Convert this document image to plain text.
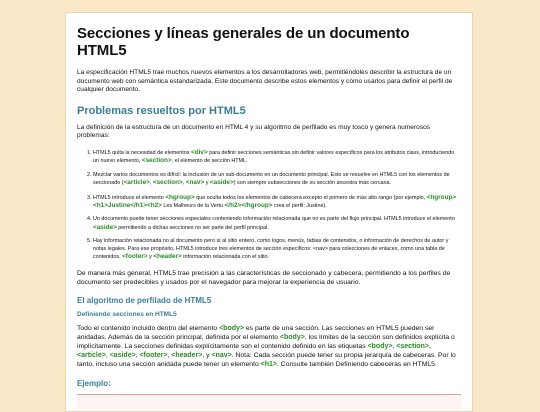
Secciones y líneas generales de un documento HTML5

La especificación HTML5 trae muchos nuevos elementos a los desarrolladores web, permitiéndoles describir la estructura de un documento web con semántica estandarizada. Este documento describe estos elementos y cómo usarlos para definir el perfil de cualquier documento.

Problemas resueltos por HTML5

La definición de la estructura de un documento en HTML 4 y su algoritmo de perfilado es muy tosco y genera numerosos problemas:

1. HTML5 quita la necesidad de elementos <div> para definir secciones semánticas sin definir valores específicos para los atributos class, introduciendo un nuevo elemento, <section>, el elemento de sección HTML.
2. Mezclar varios documentos es difícil: la inclusión de un sub-documento en un documento principal. Esto se resuelve en HTML5 con los elementos de seccionado (<article>, <section>, <nav> y <aside>) son siempre subsecciones de su sección ancestra más cercana.
3. HTML5 introduce el elemento <hgroup> que oculta todos los elementos de cabecera excepto el primero de más alto rango (por ejemplo, <hgroup><h1>Justine</h1><h2> Les Malheurs de la Vertu </h2></hgroup> crea el perfil: Justine).
4. Un documento puede tener secciones especiales conteniendo información relacionada que no es parte del flujo principal. HTML5 introduce el elemento <aside> permitiendo a dichas secciones no ser parte del perfil principal.
5. Hay información relacionada no al documento pero sí al sitio entero, como logos, menús, tablas de contenidos, o información de derechos de autor y notas legales. Para ese propósito, HTML5 introduce tres elementos de sección específicos: <nav> para colecciones de enlaces, como una tabla de contenidos, <footer> y <header> información relacionada con el sitio.

De manera más general, HTML5 trae precisión a las características de seccionado y cabecera, permitiendo a los perfiles de documento ser predecibles y usados por el navegador para mejorar la experiencia de usuario.

El algoritmo de perfilado de HTML5
Definiendo secciones en HTML5

Todo el contenido incluido dentro del elemento <body> es parte de una sección. Las secciones en HTML5 pueden ser anidadas. Además de la sección principal, definida por el elemento <body>, los límites de la sección son definidos explícita o implícitamente. La secciones definidas explícitamente son el contenido definido en las etiquetas <body>, <section>, <article>, <aside>, <footer>, <header>, y <nav>. Nota: Cada sección puede tener su propia jerarquía de cabeceras. Por lo tanto, incluso una sección anidada puede tener un elemento <h1>. Consulte también Definiendo cabeceras en HTML5.

Ejemplo:
